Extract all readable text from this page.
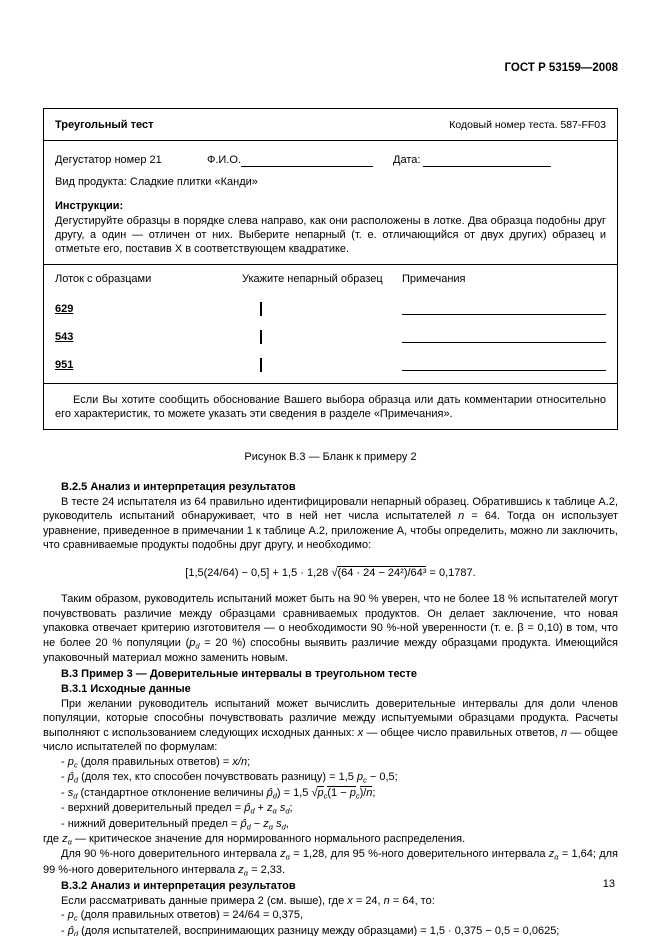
ГОСТ Р 53159—2008
Треугольный тест	Кодовый номер теста. 587-FF03
Дегустатор номер 21	Ф.И.О.	Дата:

Вид продукта: Сладкие плитки «Канди»
Инструкции:
Дегустируйте образцы в порядке слева направо, как они расположены в лотке. Два образца подобны друг другу, а один — отличен от них. Выберите непарный (т. е. отличающийся от двух других) образец и отметьте его, поставив X в соответствующем квадратике.
Лоток с образцами	Укажите непарный образец	Примечания
629
543
951
Если Вы хотите сообщить обоснование Вашего выбора образца или дать комментарии относительно его характеристик, то можете указать эти сведения в разделе «Примечания».
Рисунок В.3 — Бланк к примеру 2
В.2.5 Анализ и интерпретация результатов
В тесте 24 испытателя из 64 правильно идентифицировали непарный образец. Обратившись к таблице А.2, руководитель испытаний обнаруживает, что в ней нет числа испытателей n = 64. Тогда он использует уравнение, приведенное в примечании 1 к таблице А.2, приложение А, чтобы определить, можно ли заключить, что сравниваемые продукты подобны друг другу, и необходимо:
[1,5(24/64) − 0,5] + 1,5 · 1,28 √(64 · 24 − 24²)/64³ = 0,1787.
Таким образом, руководитель испытаний может быть на 90 % уверен, что не более 18 % испытателей могут почувствовать различие между образцами сравниваемых продуктов. Он делает заключение, что новая упаковка отвечает критерию изготовителя — о необходимости 90 %-ной уверенности (т. е. β = 0,10) в том, что не более 20 % популяции ($p_d = 20$ %) способны выявить различие между образцами продукта. Имеющийся упаковочный материал можно заменить новым.
В.3 Пример 3 — Доверительные интервалы в треугольном тесте
В.3.1 Исходные данные
При желании руководитель испытаний может вычислить доверительные интервалы для доли членов популяции, которые способны почувствовать различие между испытуемыми образцами продукта. Расчеты выполняют с использованием следующих исходных данных: x — общее число правильных ответов, n — общее число испытателей по формулам:
- $p_c$ (доля правильных ответов) = x/n;
- $p̂_d$ (доля тех, кто способен почувствовать разницу) = 1,5 $p_c - 0,5$;
- $s_d$ (стандартное отклонение величины $p̂_d) = 1,5$ $√p_c(1 - p_c)/n$;
- верхний доверительный предел = $p̂_d + z_\alpha$ $s_d$;
- нижний доверительный предел = $p̂_d - z_\alpha$ $s_d$,
где $z_\alpha$ — критическое значение для нормированного нормального распределения.
Для 90 %-ного доверительного интервала $z_\alpha = 1,28$, для 95 %-ного доверительного интервала $z_\alpha = 1,64$; для 99 %-ного доверительного интервала $z_\alpha = 2,33$.
В.3.2 Анализ и интерпретация результатов
Если рассматривать данные примера 2 (см. выше), где x = 24, n = 64, то:
- $p_c$ (доля правильных ответов) = 24/64 = 0,375,
- $p̂_d$ (доля испытателей, воспринимающих разницу между образцами) = 1,5 · 0,375 − 0,5 = 0,0625;
13
